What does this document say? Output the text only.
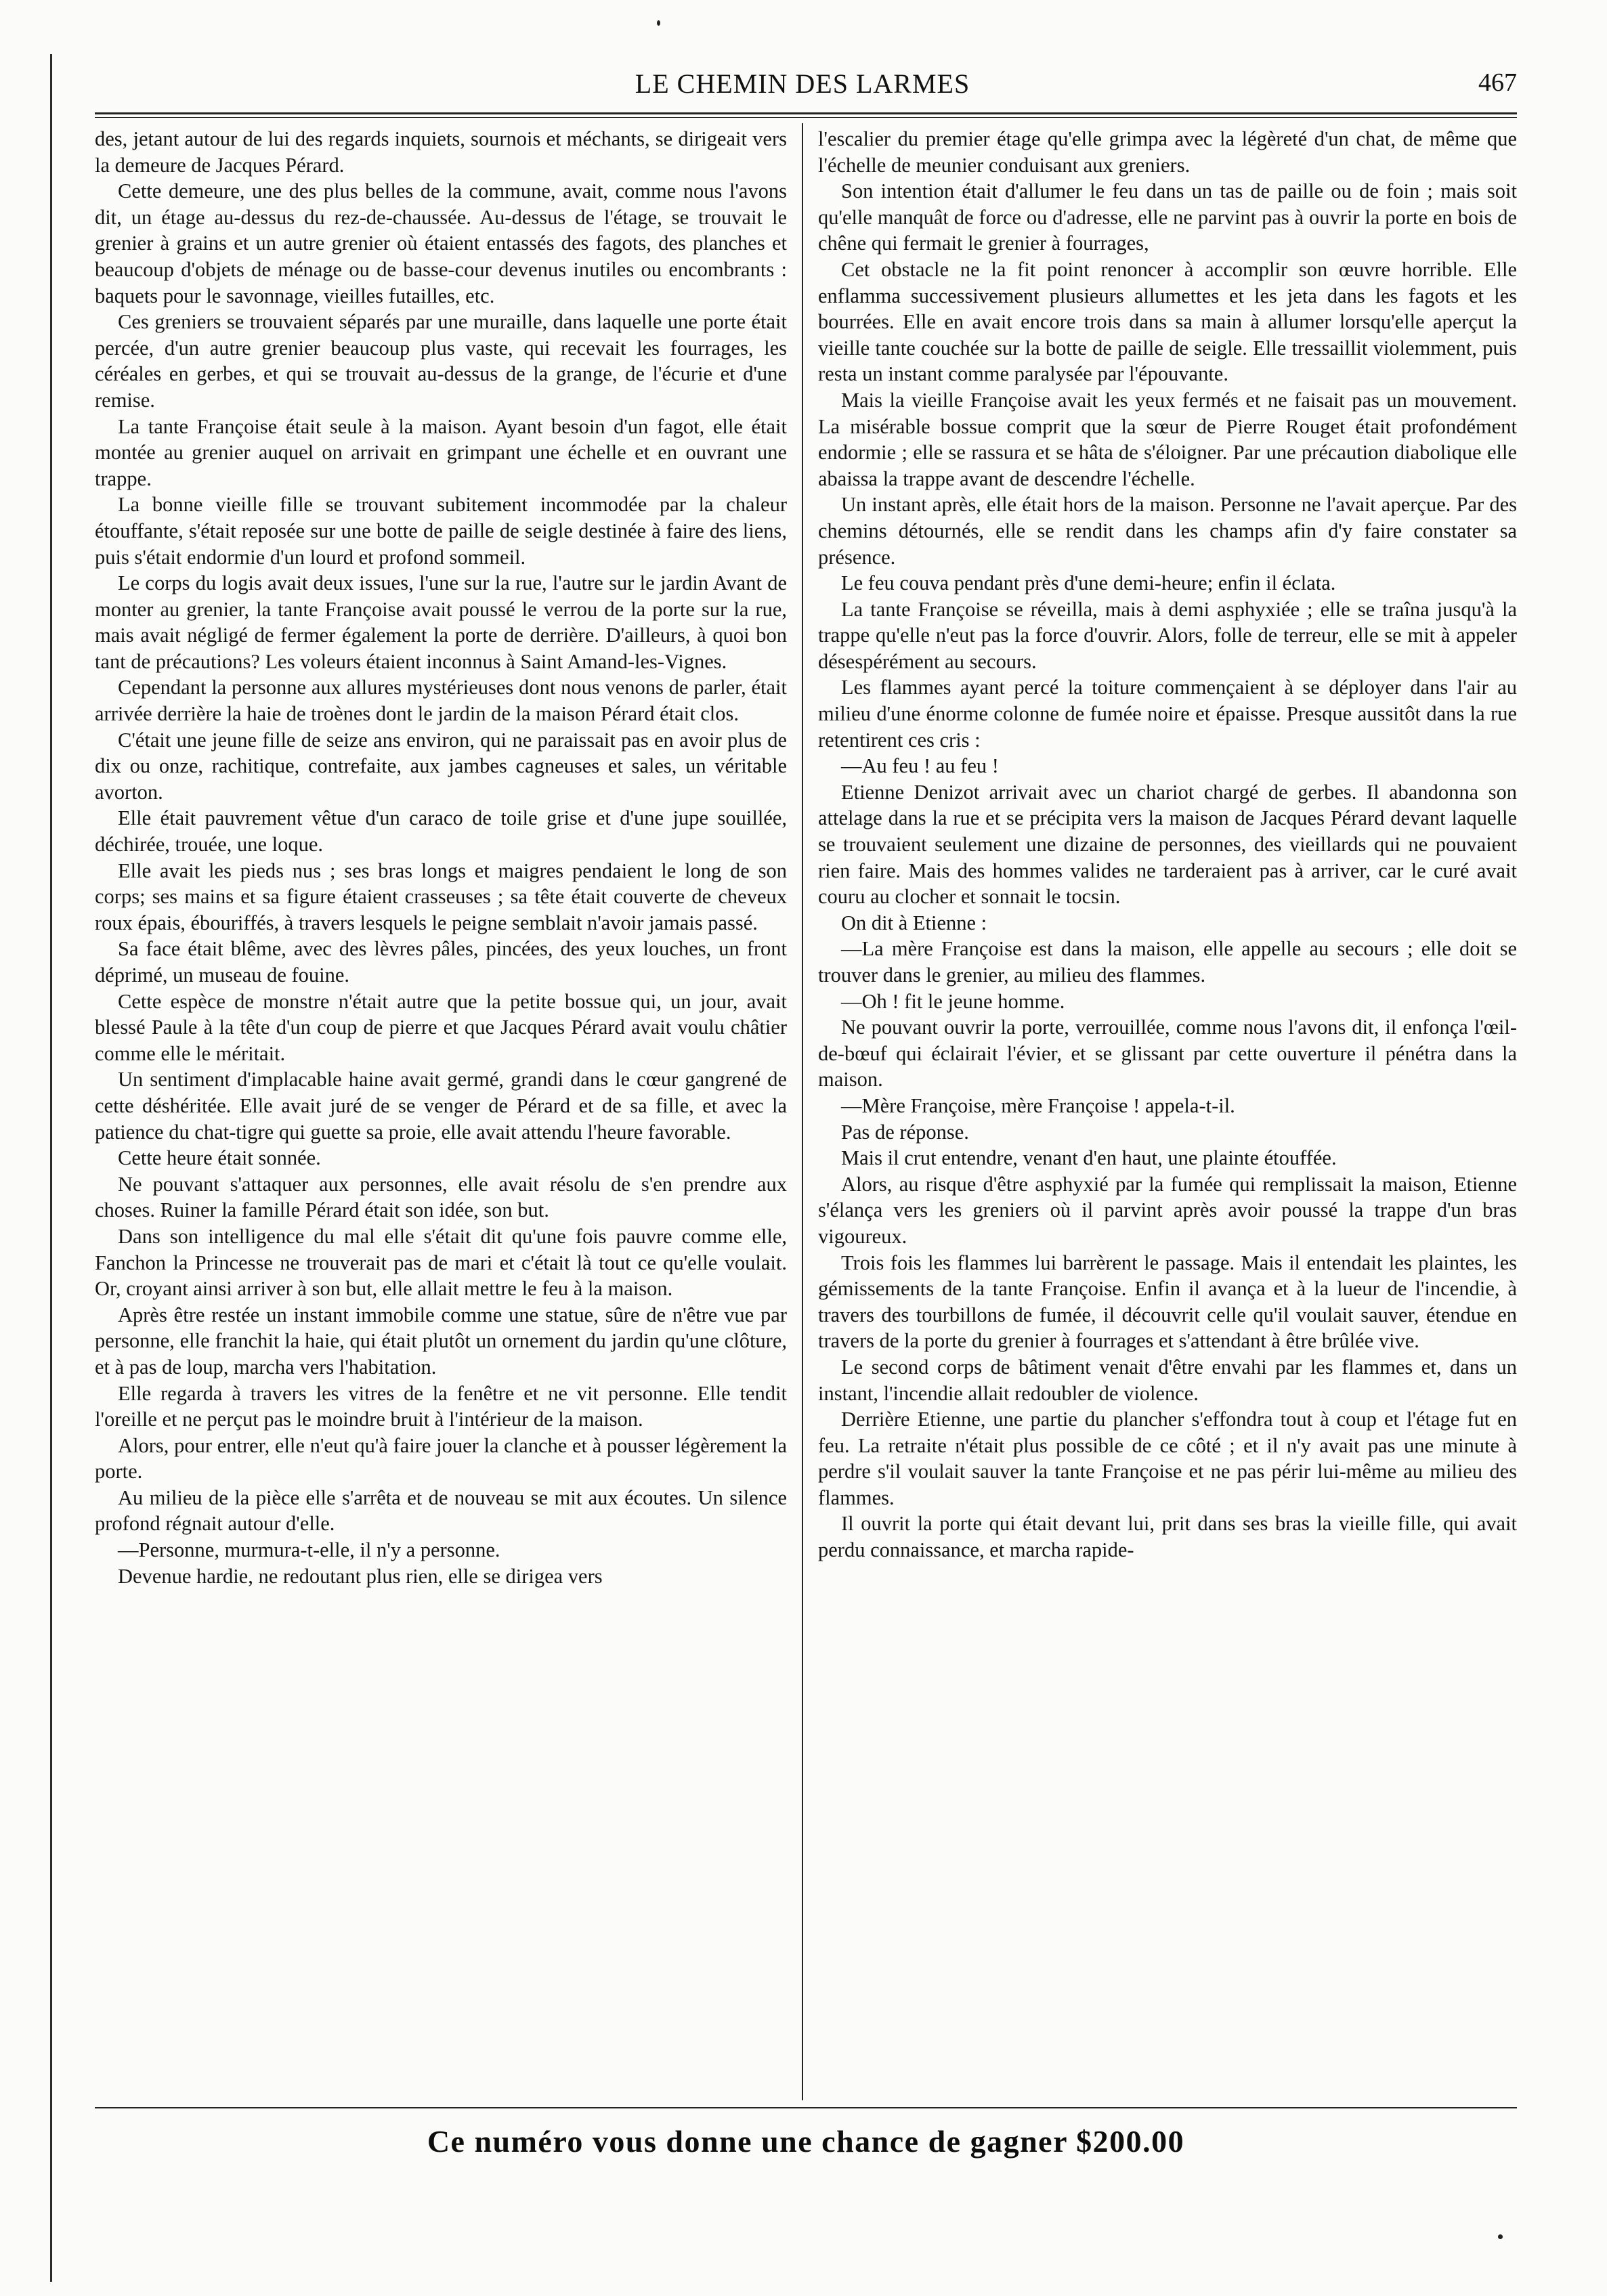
LE CHEMIN DES LARMES	467

des, jetant autour de lui des regards inquiets, sournois et méchants, se dirigeait vers la demeure de Jacques Pérard.

Cette demeure, une des plus belles de la commune, avait, comme nous l'avons dit, un étage au-dessus du rez-de-chaussée. Au-dessus de l'étage, se trouvait le grenier à grains et un autre grenier où étaient entassés des fagots, des planches et beaucoup d'objets de ménage ou de basse-cour devenus inutiles ou encombrants : baquets pour le savonnage, vieilles futailles, etc.

Ces greniers se trouvaient séparés par une muraille, dans laquelle une porte était percée, d'un autre grenier beaucoup plus vaste, qui recevait les fourrages, les céréales en gerbes, et qui se trouvait au-dessus de la grange, de l'écurie et d'une remise.

La tante Françoise était seule à la maison. Ayant besoin d'un fagot, elle était montée au grenier auquel on arrivait en grimpant une échelle et en ouvrant une trappe.

La bonne vieille fille se trouvant subitement incommodée par la chaleur étouffante, s'était reposée sur une botte de paille de seigle destinée à faire des liens, puis s'était endormie d'un lourd et profond sommeil.

Le corps du logis avait deux issues, l'une sur la rue, l'autre sur le jardin Avant de monter au grenier, la tante Françoise avait poussé le verrou de la porte sur la rue, mais avait négligé de fermer également la porte de derrière. D'ailleurs, à quoi bon tant de précautions? Les voleurs étaient inconnus à Saint Amand-les-Vignes.

Cependant la personne aux allures mystérieuses dont nous venons de parler, était arrivée derrière la haie de troènes dont le jardin de la maison Pérard était clos.

C'était une jeune fille de seize ans environ, qui ne paraissait pas en avoir plus de dix ou onze, rachitique, contrefaite, aux jambes cagneuses et sales, un véritable avorton.

Elle était pauvrement vêtue d'un caraco de toile grise et d'une jupe souillée, déchirée, trouée, une loque.

Elle avait les pieds nus ; ses bras longs et maigres pendaient le long de son corps; ses mains et sa figure étaient crasseuses ; sa tête était couverte de cheveux roux épais, ébouriffés, à travers lesquels le peigne semblait n'avoir jamais passé.

Sa face était blême, avec des lèvres pâles, pincées, des yeux louches, un front déprimé, un museau de fouine.

Cette espèce de monstre n'était autre que la petite bossue qui, un jour, avait blessé Paule à la tête d'un coup de pierre et que Jacques Pérard avait voulu châtier comme elle le méritait.

Un sentiment d'implacable haine avait germé, grandi dans le cœur gangrené de cette déshéritée. Elle avait juré de se venger de Pérard et de sa fille, et avec la patience du chat-tigre qui guette sa proie, elle avait attendu l'heure favorable.

Cette heure était sonnée.

Ne pouvant s'attaquer aux personnes, elle avait résolu de s'en prendre aux choses. Ruiner la famille Pérard était son idée, son but.

Dans son intelligence du mal elle s'était dit qu'une fois pauvre comme elle, Fanchon la Princesse ne trouverait pas de mari et c'était là tout ce qu'elle voulait. Or, croyant ainsi arriver à son but, elle allait mettre le feu à la maison.

Après être restée un instant immobile comme une statue, sûre de n'être vue par personne, elle franchit la haie, qui était plutôt un ornement du jardin qu'une clôture, et à pas de loup, marcha vers l'habitation.

Elle regarda à travers les vitres de la fenêtre et ne vit personne. Elle tendit l'oreille et ne perçut pas le moindre bruit à l'intérieur de la maison.

Alors, pour entrer, elle n'eut qu'à faire jouer la clanche et à pousser légèrement la porte.

Au milieu de la pièce elle s'arrêta et de nouveau se mit aux écoutes. Un silence profond régnait autour d'elle.

—Personne, murmura-t-elle, il n'y a personne.

Devenue hardie, ne redoutant plus rien, elle se dirigea vers

l'escalier du premier étage qu'elle grimpa avec la légèreté d'un chat, de même que l'échelle de meunier conduisant aux greniers.

Son intention était d'allumer le feu dans un tas de paille ou de foin ; mais soit qu'elle manquât de force ou d'adresse, elle ne parvint pas à ouvrir la porte en bois de chêne qui fermait le grenier à fourrages,

Cet obstacle ne la fit point renoncer à accomplir son œuvre horrible. Elle enflamma successivement plusieurs allumettes et les jeta dans les fagots et les bourrées. Elle en avait encore trois dans sa main à allumer lorsqu'elle aperçut la vieille tante couchée sur la botte de paille de seigle. Elle tressaillit violemment, puis resta un instant comme paralysée par l'épouvante.

Mais la vieille Françoise avait les yeux fermés et ne faisait pas un mouvement. La misérable bossue comprit que la sœur de Pierre Rouget était profondément endormie ; elle se rassura et se hâta de s'éloigner. Par une précaution diabolique elle abaissa la trappe avant de descendre l'échelle.

Un instant après, elle était hors de la maison. Personne ne l'avait aperçue. Par des chemins détournés, elle se rendit dans les champs afin d'y faire constater sa présence.

Le feu couva pendant près d'une demi-heure; enfin il éclata.

La tante Françoise se réveilla, mais à demi asphyxiée ; elle se traîna jusqu'à la trappe qu'elle n'eut pas la force d'ouvrir. Alors, folle de terreur, elle se mit à appeler désespérément au secours.

Les flammes ayant percé la toiture commençaient à se déployer dans l'air au milieu d'une énorme colonne de fumée noire et épaisse. Presque aussitôt dans la rue retentirent ces cris :

—Au feu ! au feu !

Etienne Denizot arrivait avec un chariot chargé de gerbes. Il abandonna son attelage dans la rue et se précipita vers la maison de Jacques Pérard devant laquelle se trouvaient seulement une dizaine de personnes, des vieillards qui ne pouvaient rien faire. Mais des hommes valides ne tarderaient pas à arriver, car le curé avait couru au clocher et sonnait le tocsin.

On dit à Etienne :

—La mère Françoise est dans la maison, elle appelle au secours ; elle doit se trouver dans le grenier, au milieu des flammes.

—Oh ! fit le jeune homme.

Ne pouvant ouvrir la porte, verrouillée, comme nous l'avons dit, il enfonça l'œil-de-bœuf qui éclairait l'évier, et se glissant par cette ouverture il pénétra dans la maison.

—Mère Françoise, mère Françoise ! appela-t-il.

Pas de réponse.

Mais il crut entendre, venant d'en haut, une plainte étouffée.

Alors, au risque d'être asphyxié par la fumée qui remplissait la maison, Etienne s'élança vers les greniers où il parvint après avoir poussé la trappe d'un bras vigoureux.

Trois fois les flammes lui barrèrent le passage. Mais il entendait les plaintes, les gémissements de la tante Françoise. Enfin il avança et à la lueur de l'incendie, à travers des tourbillons de fumée, il découvrit celle qu'il voulait sauver, étendue en travers de la porte du grenier à fourrages et s'attendant à être brûlée vive.

Le second corps de bâtiment venait d'être envahi par les flammes et, dans un instant, l'incendie allait redoubler de violence.

Derrière Etienne, une partie du plancher s'effondra tout à coup et l'étage fut en feu. La retraite n'était plus possible de ce côté ; et il n'y avait pas une minute à perdre s'il voulait sauver la tante Françoise et ne pas périr lui-même au milieu des flammes.

Il ouvrit la porte qui était devant lui, prit dans ses bras la vieille fille, qui avait perdu connaissance, et marcha rapide-

Ce numéro vous donne une chance de gagner $200.00
